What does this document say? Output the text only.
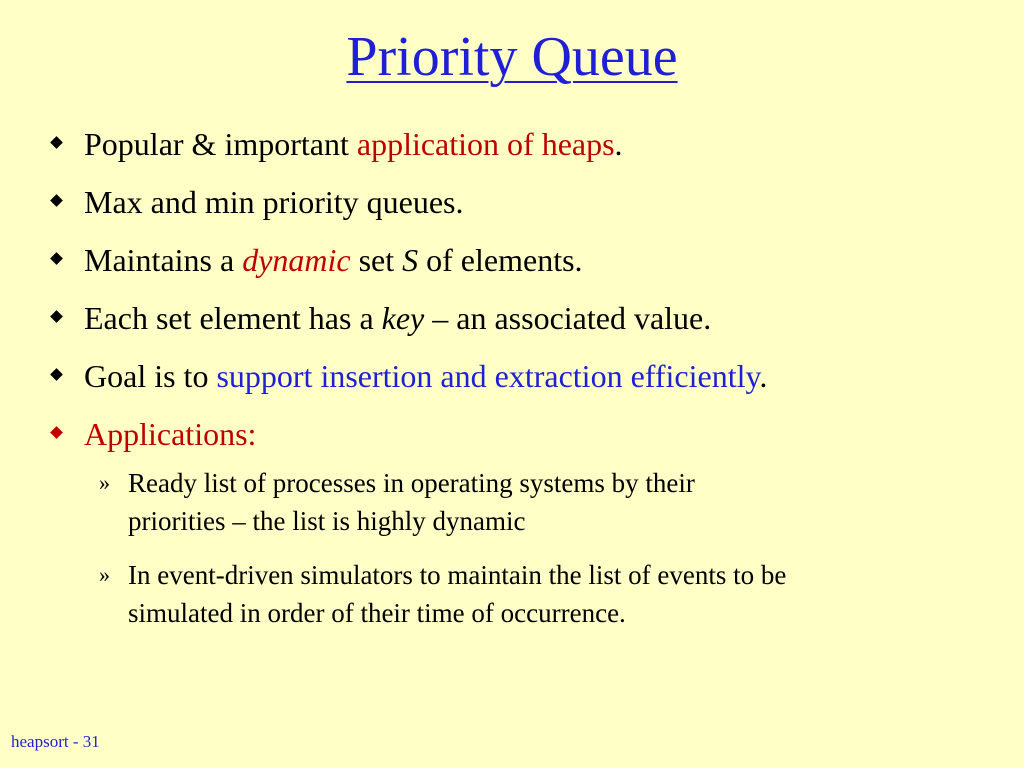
Priority Queue
Popular & important application of heaps.
Max and min priority queues.
Maintains a dynamic set S of elements.
Each set element has a key – an associated value.
Goal is to support insertion and extraction efficiently.
Applications:
» Ready list of processes in operating systems by their
priorities – the list is highly dynamic
» In event-driven simulators to maintain the list of events to be
simulated in order of their time of occurrence.
heapsort - 31
